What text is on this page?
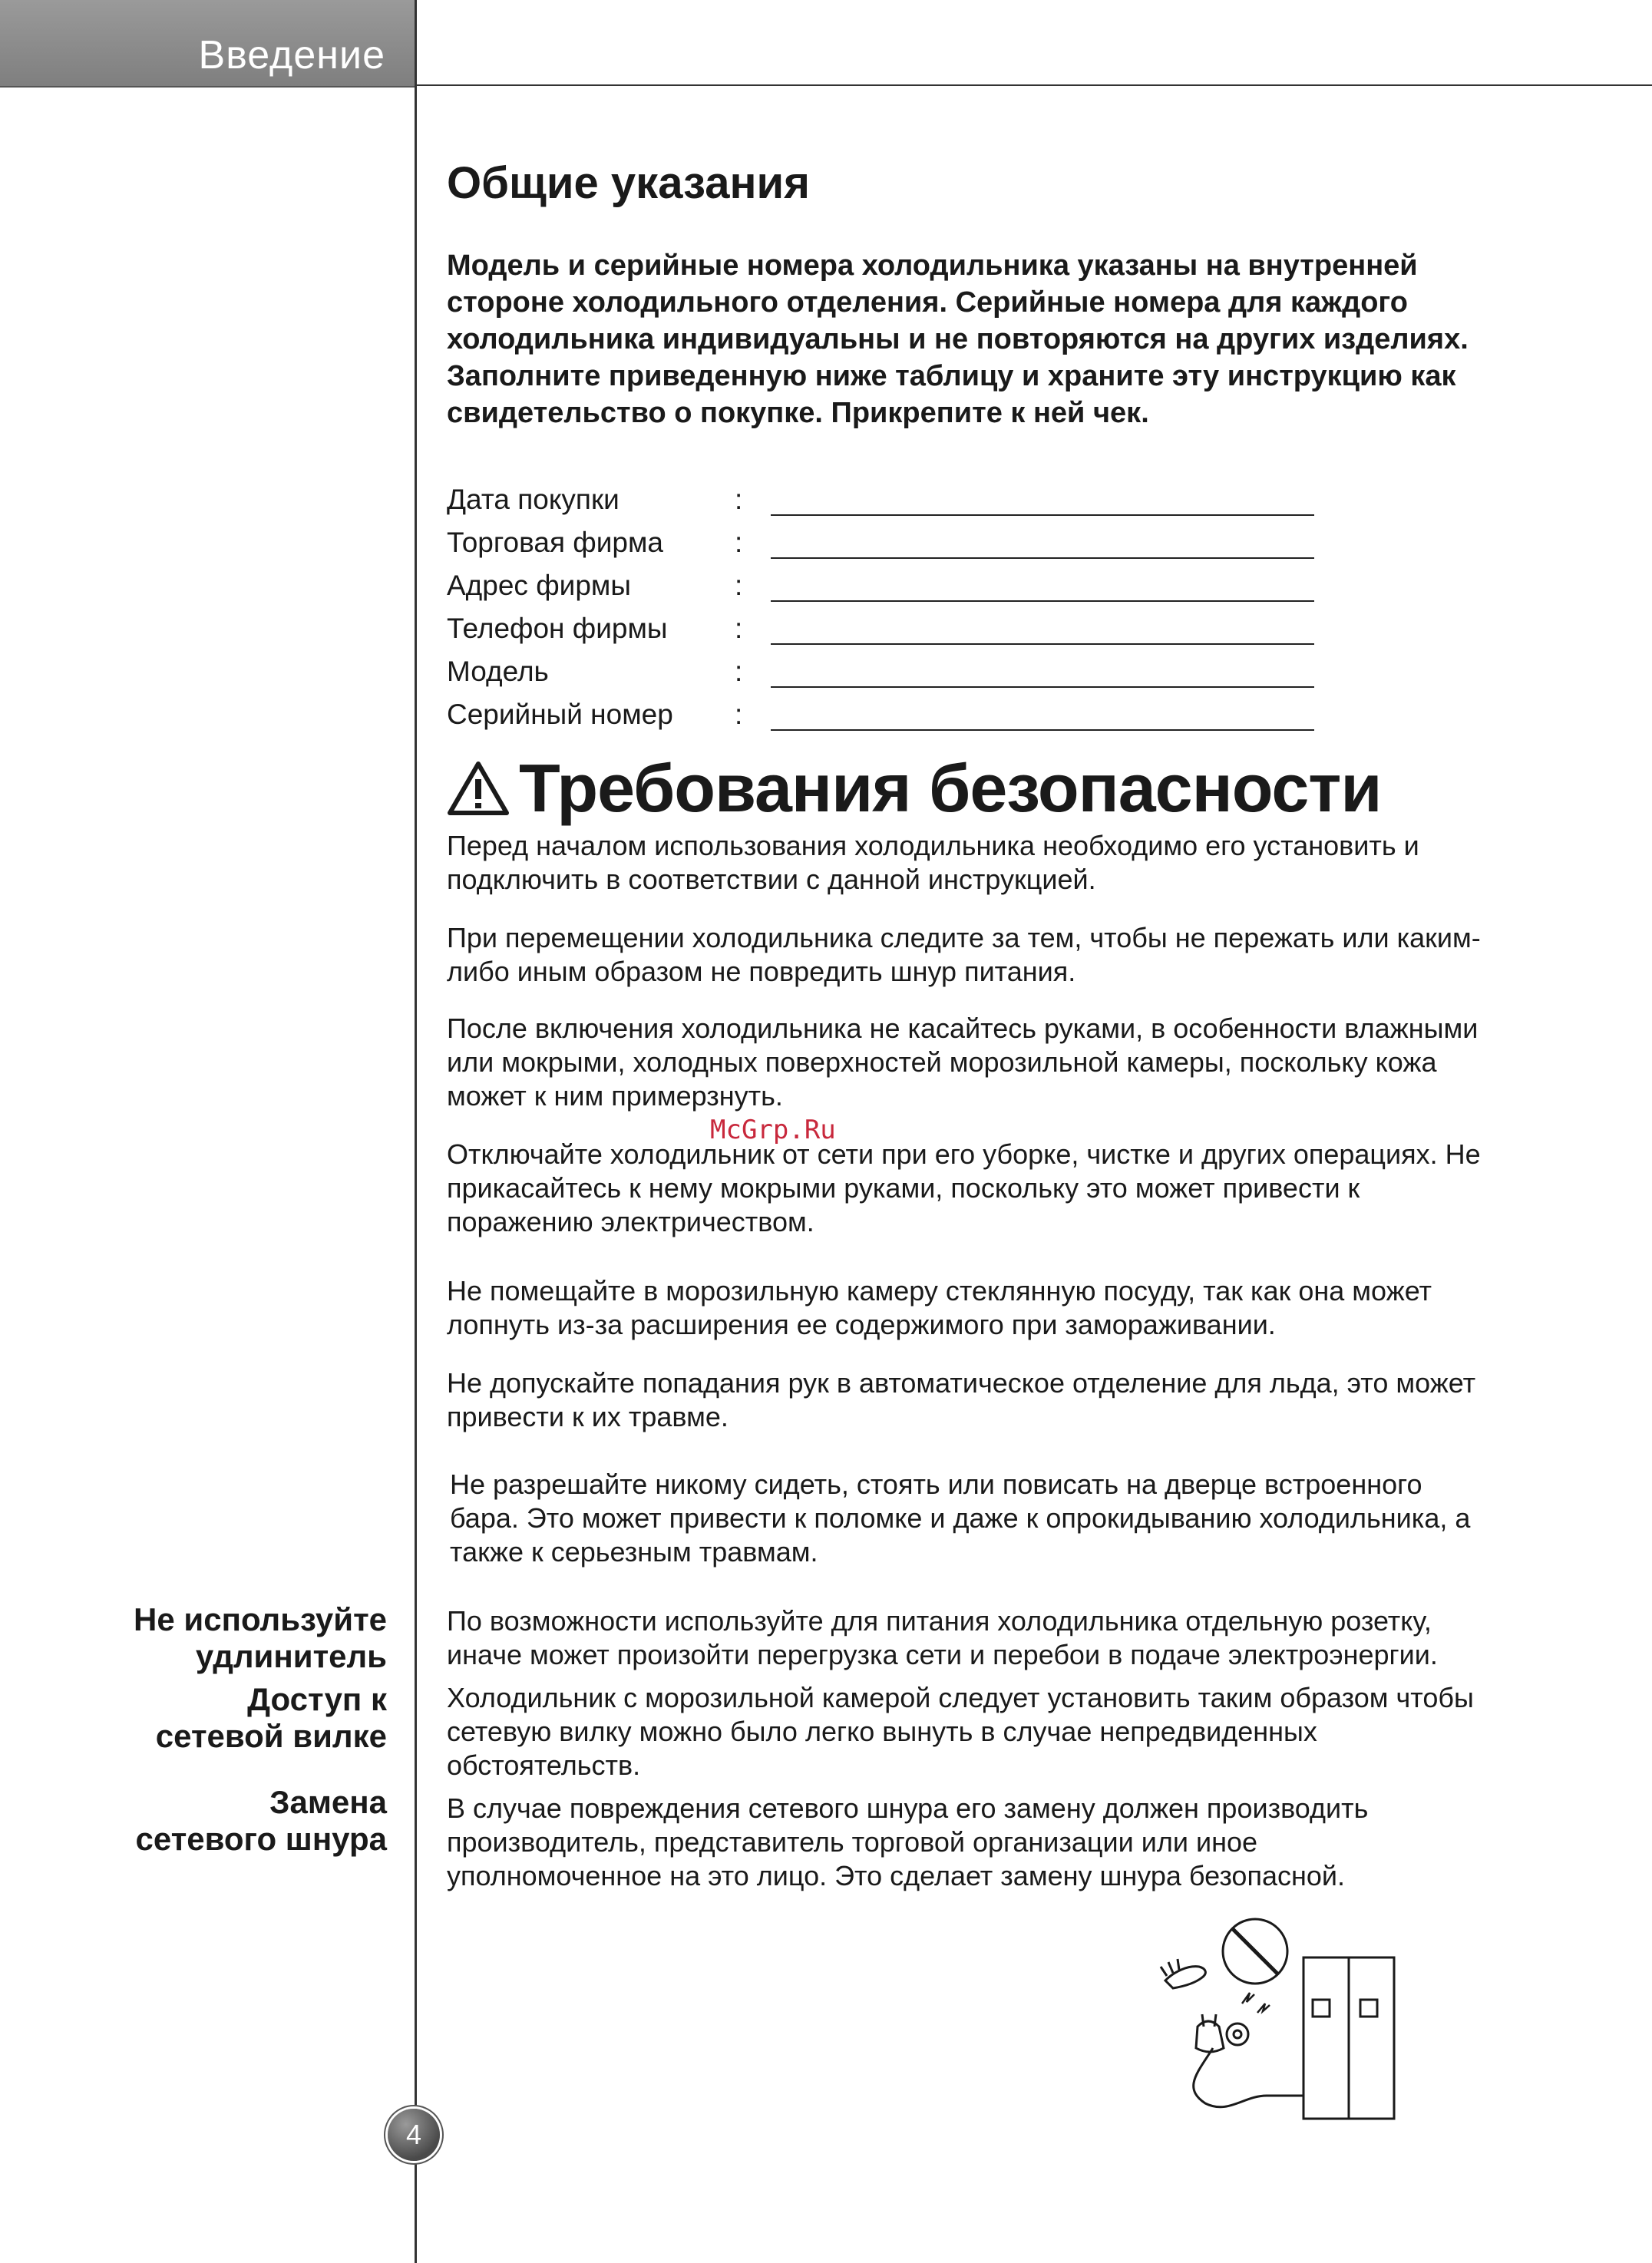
Введение
Общие указания
Модель и серийные номера холодильника указаны на внутренней
стороне холодильного отделения. Серийные номера для каждого
холодильника индивидуальны и не повторяются на других изделиях.
Заполните приведенную ниже таблицу и храните эту инструкцию как
свидетельство о покупке. Прикрепите к ней чек.
Дата покупки	:
Торговая фирма	:
Адрес фирмы	:
Телефон фирмы :
Модель	:
Серийный номер :
Требования безопасности
Перед началом использования холодильника необходимо его установить и
подключить в соответствии с данной инструкцией.
При перемещении холодильника следите за тем, чтобы не пережать или каким-
либо иным образом не повредить шнур питания.
После включения холодильника не касайтесь руками, в особенности влажными
или мокрыми, холодных поверхностей морозильной камеры, поскольку кожа
может к ним примерзнуть.
Отключайте холодильник от сети при его уборке, чистке и других операциях. Не
прикасайтесь к нему мокрыми руками, поскольку это может привести к
поражению электричеством.
Не помещайте в морозильную камеру стеклянную посуду, так как она может
лопнуть из-за расширения ее содержимого при замораживании.
Не допускайте попадания рук в автоматическое отделение для льда, это может
привести к их травме.
Не разрешайте никому сидеть, стоять или повисать на дверце встроенного
бара. Это может привести к поломке и даже к опрокидыванию холодильника, а
также к серьезным травмам.
По возможности используйте для питания холодильника отдельную розетку,
иначе может произойти перегрузка сети и перебои в подаче электроэнергии.
Холодильник с морозильной камерой следует установить таким образом чтобы
сетевую вилку можно было легко вынуть в случае непредвиденных
обстоятельств.
В случае повреждения сетевого шнура его замену должен производить
производитель, представитель торговой организации или иное
уполномоченное на это лицо. Это сделает замену шнура безопасной.
Не используйте
удлинитель
Доступ к
сетевой вилке
Замена
сетевого шнура
McGrp.Ru
4
